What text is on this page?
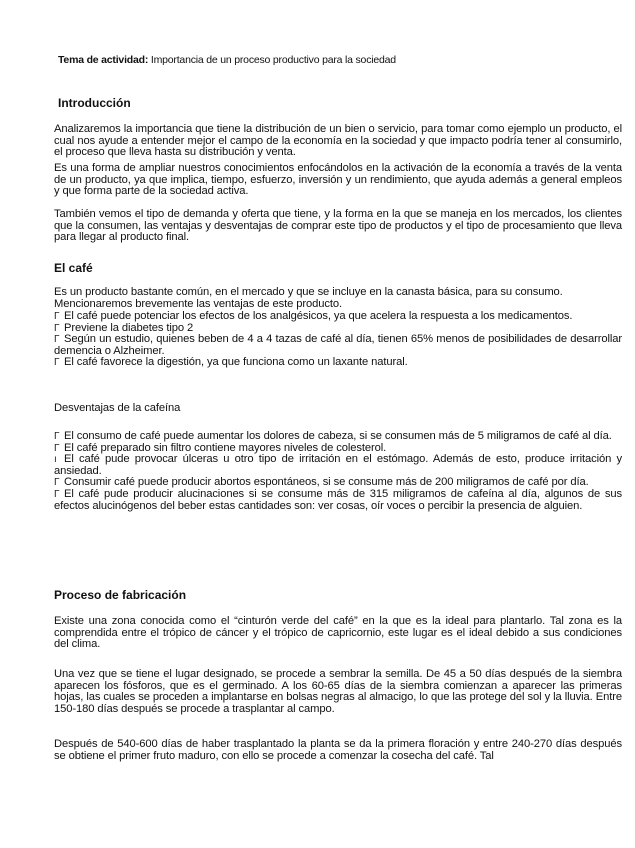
Tema de actividad: Importancia de un proceso productivo para la sociedad
Introducción

Analizaremos la importancia que tiene la distribución de un bien o servicio, para tomar como ejemplo un producto, el cual nos ayude a entender mejor el campo de la economía en la sociedad y que impacto podría tener al consumirlo, el proceso que lleva hasta su distribución y venta.

Es una forma de ampliar nuestros conocimientos enfocándolos en la activación de la economía a través de la venta de un producto, ya que implica, tiempo, esfuerzo, inversión y un rendimiento, que ayuda además a general empleos y que forma parte de la sociedad activa.

También vemos el tipo de demanda y oferta que tiene, y la forma en la que se maneja en los mercados, los clientes que la consumen, las ventajas y desventajas de comprar este tipo de productos y el tipo de procesamiento que lleva para llegar al producto final.

El café

Es un producto bastante común, en el mercado y que se incluye en la canasta básica, para su consumo.

Mencionaremos brevemente las ventajas de este producto.

Γ El café puede potenciar los efectos de los analgésicos, ya que acelera la respuesta a los medicamentos.
Γ Previene la diabetes tipo 2
Γ Según un estudio, quienes beben de 4 a 4 tazas de café al día, tienen 65% menos de posibilidades de desarrollar demencia o Alzheimer.
Γ El café favorece la digestión, ya que funciona como un laxante natural.

Desventajas de la cafeína

Γ El consumo de café puede aumentar los dolores de cabeza, si se consumen más de 5 miligramos de café al día.
Γ El café preparado sin filtro contiene mayores niveles de colesterol.
ı El café pude provocar úlceras u otro tipo de irritación en el estómago. Además de esto, produce irritación y ansiedad.
Γ Consumir café puede producir abortos espontáneos, si se consume más de 200 miligramos de café por día.
Γ El café pude producir alucinaciones si se consume más de 315 miligramos de cafeína al día, algunos de sus efectos alucinógenos del beber estas cantidades son: ver cosas, oír voces o percibir la presencia de alguien.
Proceso de fabricación

Existe una zona conocida como el “cinturón verde del café” en la que es la ideal para plantarlo. Tal zona es la comprendida entre el trópico de cáncer y el trópico de capricornio, este lugar es el ideal debido a sus condiciones del clima.

Una vez que se tiene el lugar designado, se procede a sembrar la semilla. De 45 a 50 días después de la siembra aparecen los fósforos, que es el germinado. A los 60-65 días de la siembra comienzan a aparecer las primeras hojas, las cuales se proceden a implantarse en bolsas negras al almacigo, lo que las protege del sol y la lluvia. Entre 150-180 días después se procede a trasplantar al campo.

Después de 540-600 días de haber trasplantado la planta se da la primera floración y entre 240-270 días después se obtiene el primer fruto maduro, con ello se procede a comenzar la cosecha del café. Tal
